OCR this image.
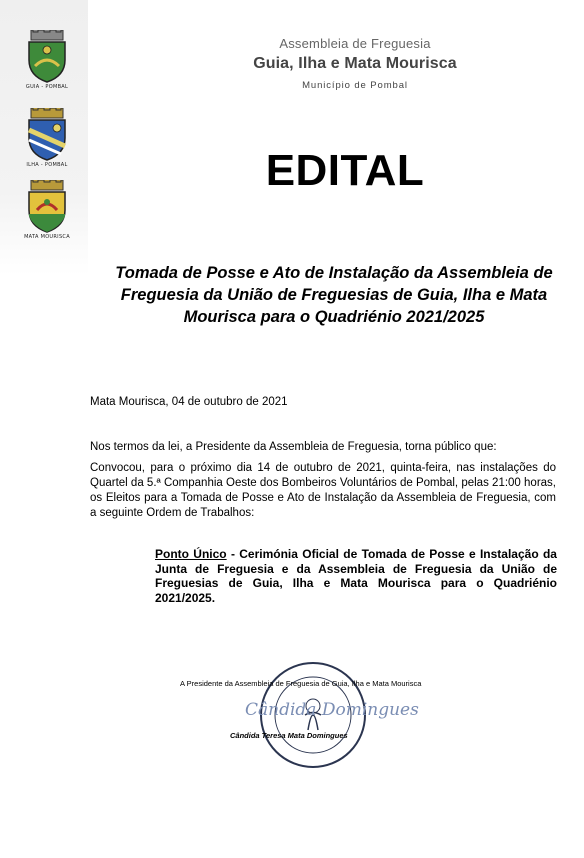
GUIA - POMBAL
ILHA - POMBAL
MATA MOURISCA
Assembleia de Freguesia
Guia, Ilha e Mata Mourisca
Município de Pombal
EDITAL
Tomada de Posse e Ato de Instalação da Assembleia de Freguesia da União de Freguesias de Guia, Ilha e Mata Mourisca para o Quadriénio 2021/2025
Mata Mourisca, 04 de outubro de 2021

Nos termos da lei, a Presidente da Assembleia de Freguesia, torna público que:

Convocou, para o próximo dia 14 de outubro de 2021, quinta-feira, nas instalações do Quartel da 5.ª Companhia Oeste dos Bombeiros Voluntários de Pombal, pelas 21:00 horas, os Eleitos para a Tomada de Posse e Ato de Instalação da Assembleia de Freguesia, com a seguinte Ordem de Trabalhos:

Ponto Único - Cerimónia Oficial de Tomada de Posse e Instalação da Junta de Freguesia e da Assembleia de Freguesia da União de Freguesias de Guia, Ilha e Mata Mourisca para o Quadriénio 2021/2025.

A Presidente da Assembleia de Freguesia de Guia, Ilha e Mata Mourisca
Cândida Domingues
Cândida Teresa Mata Domingues
